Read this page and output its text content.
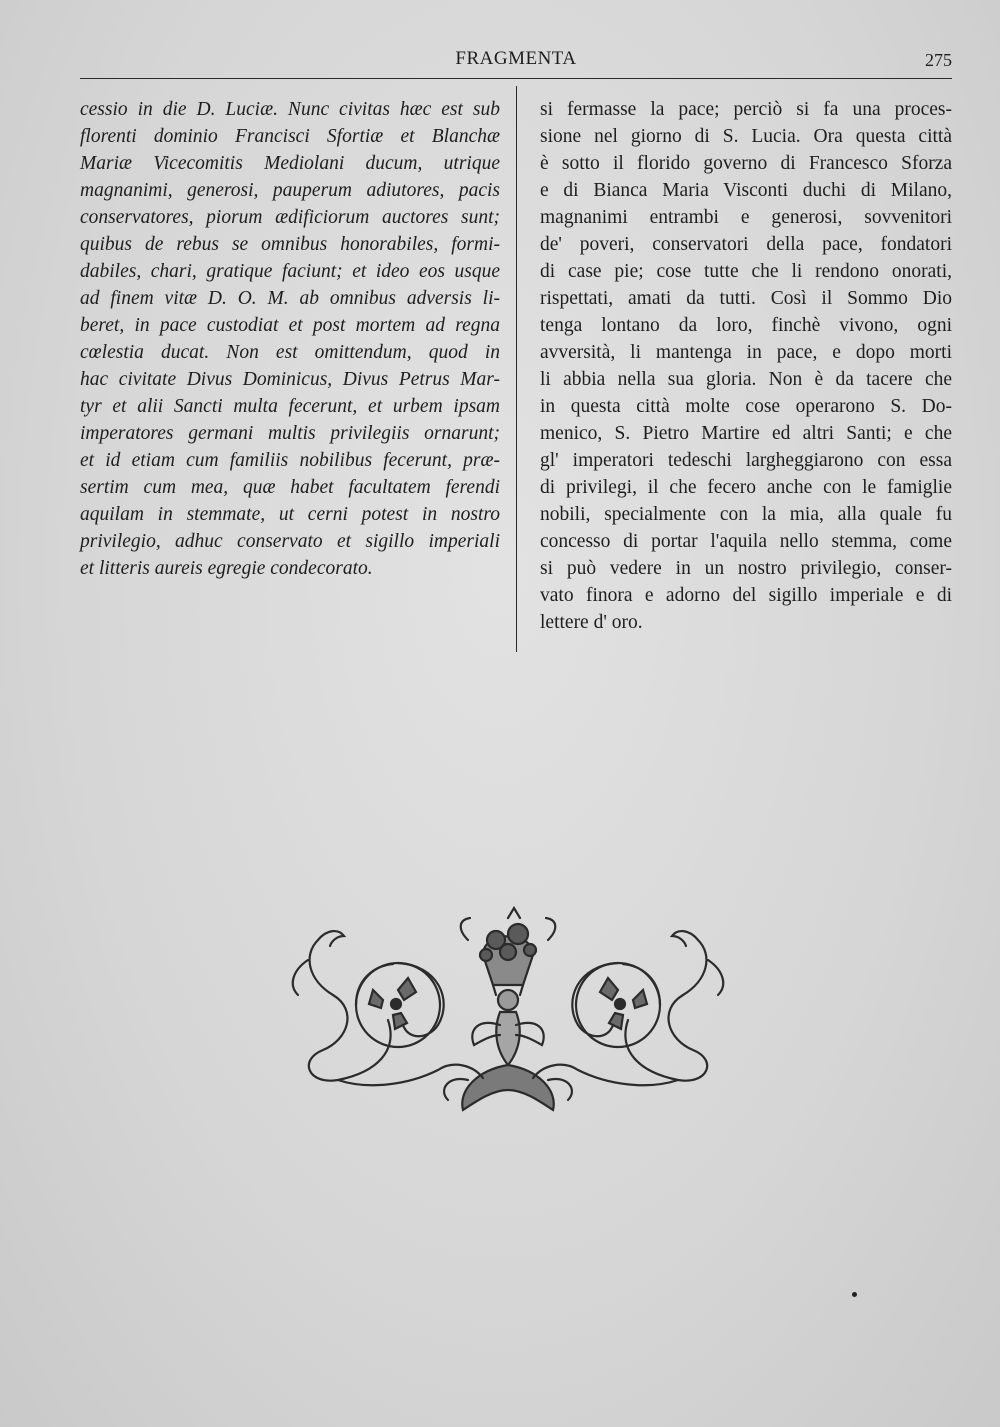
FRAGMENTA	275
cessio in die D. Luciæ. Nunc civitas hæc est sub
florenti dominio Francisci Sfortiæ et Blanchæ
Mariæ Vicecomitis Mediolani ducum, utrique
magnanimi, generosi, pauperum adiutores, pacis
conservatores, piorum ædificiorum auctores sunt;
quibus de rebus se omnibus honorabiles, formi-
dabiles, chari, gratique faciunt; et ideo eos usque
ad finem vitæ D. O. M. ab omnibus adversis li-
beret, in pace custodiat et post mortem ad regna
cœlestia ducat. Non est omittendum, quod in
hac civitate Divus Dominicus, Divus Petrus Mar-
tyr et alii Sancti multa fecerunt, et urbem ipsam
imperatores germani multis privilegiis ornarunt;
et id etiam cum familiis nobilibus fecerunt, præ-
sertim cum mea, quæ habet facultatem ferendi
aquilam in stemmate, ut cerni potest in nostro
privilegio, adhuc conservato et sigillo imperiali
et litteris aureis egregie condecorato.
si fermasse la pace; perciò si fa una proces-
sione nel giorno di S. Lucia. Ora questa città
è sotto il florido governo di Francesco Sforza
e di Bianca Maria Visconti duchi di Milano,
magnanimi entrambi e generosi, sovvenitori
de' poveri, conservatori della pace, fondatori
di case pie; cose tutte che li rendono onorati,
rispettati, amati da tutti. Così il Sommo Dio
tenga lontano da loro, finchè vivono, ogni
avversità, li mantenga in pace, e dopo morti
li abbia nella sua gloria. Non è da tacere che
in questa città molte cose operarono S. Do-
menico, S. Pietro Martire ed altri Santi; e che
gl' imperatori tedeschi largheggiarono con essa
di privilegi, il che fecero anche con le famiglie
nobili, specialmente con la mia, alla quale fu
concesso di portar l'aquila nello stemma, come
si può vedere in un nostro privilegio, conser-
vato finora e adorno del sigillo imperiale e di
lettere d' oro.
